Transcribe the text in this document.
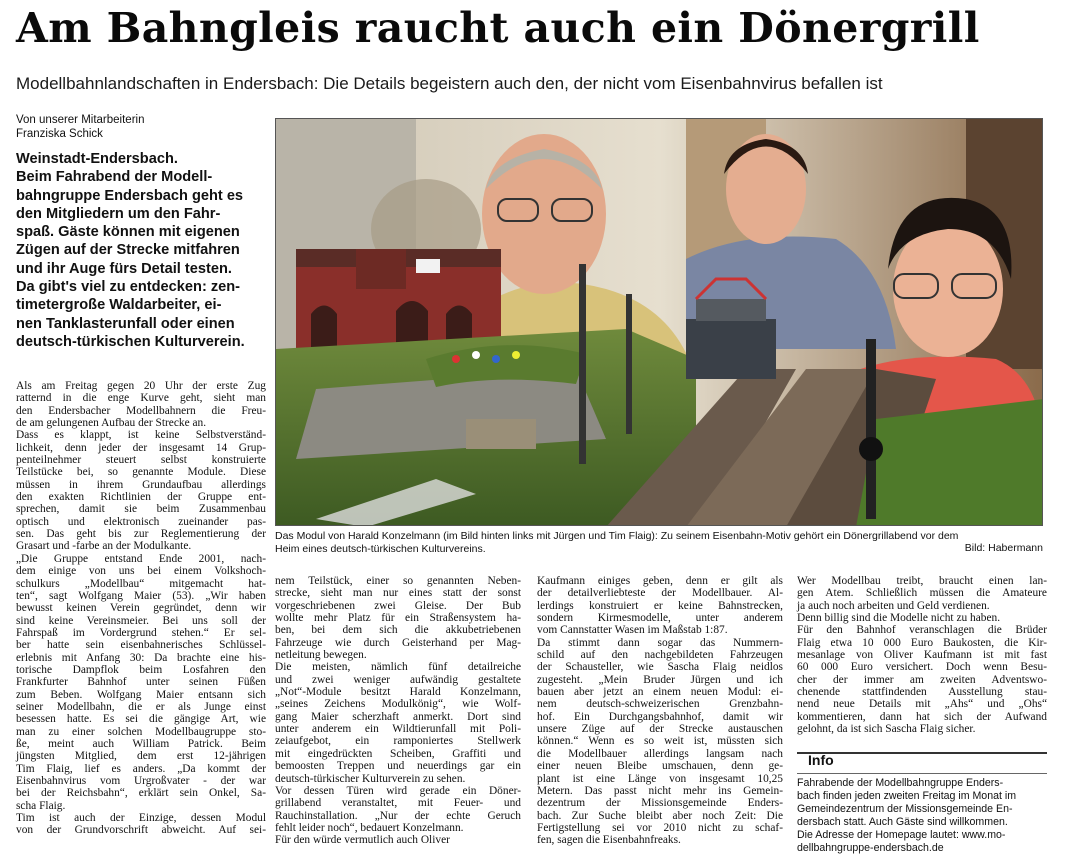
Am Bahngleis raucht auch ein Dönergrill
Modellbahnlandschaften in Endersbach: Die Details begeistern auch den, der nicht vom Eisenbahnvirus befallen ist
Von unserer Mitarbeiterin
Franziska Schick
Weinstadt-Endersbach.
Beim Fahrabend der Modell-
bahngruppe Endersbach geht es
den Mitgliedern um den Fahr-
spaß. Gäste können mit eigenen
Zügen auf der Strecke mitfahren
und ihr Auge fürs Detail testen.
Da gibt's viel zu entdecken: zen-
timetergroße Waldarbeiter, ei-
nen Tanklasterunfall oder einen
deutsch-türkischen Kulturverein.
Das Modul von Harald Konzelmann (im Bild hinten links mit Jürgen und Tim Flaig): Zu seinem Eisenbahn-Motiv gehört ein Dönergrillabend vor dem
Heim eines deutsch-türkischen Kulturvereins.	Bild: Habermann
Als am Freitag gegen 20 Uhr der erste Zug
ratternd in die enge Kurve geht, sieht man
den Endersbacher Modellbahnern die Freu-
de am gelungenen Aufbau der Strecke an.
Dass es klappt, ist keine Selbstverständ-
lichkeit, denn jeder der insgesamt 14 Grup-
penteilnehmer steuert selbst konstruierte
Teilstücke bei, so genannte Module. Diese
müssen in ihrem Grundaufbau allerdings
den exakten Richtlinien der Gruppe ent-
sprechen, damit sie beim Zusammenbau
optisch und elektronisch zueinander pas-
sen. Das geht bis zur Reglementierung der
Grasart und -farbe an der Modulkante.
„Die Gruppe entstand Ende 2001, nach-
dem einige von uns bei einem Volkshoch-
schulkurs „Modellbau“ mitgemacht hat-
ten“, sagt Wolfgang Maier (53). „Wir haben
bewusst keinen Verein gegründet, denn wir
sind keine Vereinsmeier. Bei uns soll der
Fahrspaß im Vordergrund stehen.“ Er sel-
ber hatte sein eisenbahnerisches Schlüssel-
erlebnis mit Anfang 30: Da brachte eine his-
torische Dampflok beim Losfahren den
Frankfurter Bahnhof unter seinen Füßen
zum Beben. Wolfgang Maier entsann sich
seiner Modellbahn, die er als Junge einst
besessen hatte. Es sei die gängige Art, wie
man zu einer solchen Modellbaugruppe sto-
ße, meint auch William Patrick. Beim
jüngsten Mitglied, dem erst 12-jährigen
Tim Flaig, lief es anders. „Da kommt der
Eisenbahnvirus vom Urgroßvater - der war
bei der Reichsbahn“, erklärt sein Onkel, Sa-
scha Flaig.
Tim ist auch der Einzige, dessen Modul
von der Grundvorschrift abweicht. Auf sei-
nem Teilstück, einer so genannten Neben-
strecke, sieht man nur eines statt der sonst
vorgeschriebenen zwei Gleise. Der Bub
wollte mehr Platz für ein Straßensystem ha-
ben, bei dem sich die akkubetriebenen
Fahrzeuge wie durch Geisterhand per Mag-
netleitung bewegen.
Die meisten, nämlich fünf detailreiche
und zwei weniger aufwändig gestaltete
„Not“-Module besitzt Harald Konzelmann,
„seines Zeichens Modulkönig“, wie Wolf-
gang Maier scherzhaft anmerkt. Dort sind
unter anderem ein Wildtierunfall mit Poli-
zeiaufgebot, ein ramponiertes Stellwerk
mit eingedrückten Scheiben, Graffiti und
bemoosten Treppen und neuerdings gar ein
deutsch-türkischer Kulturverein zu sehen.
Vor dessen Türen wird gerade ein Döner-
grillabend veranstaltet, mit Feuer- und
Rauchinstallation. „Nur der echte Geruch
fehlt leider noch“, bedauert Konzelmann.
Für den würde vermutlich auch Oliver
Kaufmann einiges geben, denn er gilt als
der detailverliebteste der Modellbauer. Al-
lerdings konstruiert er keine Bahnstrecken,
sondern Kirmesmodelle, unter anderem
vom Cannstatter Wasen im Maßstab 1:87.
Da stimmt dann sogar das Nummern-
schild auf den nachgebildeten Fahrzeugen
der Schausteller, wie Sascha Flaig neidlos
zugesteht. „Mein Bruder Jürgen und ich
bauen aber jetzt an einem neuen Modul: ei-
nem deutsch-schweizerischen Grenzbahn-
hof. Ein Durchgangsbahnhof, damit wir
unsere Züge auf der Strecke austauschen
können.“ Wenn es so weit ist, müssten sich
die Modellbauer allerdings langsam nach
einer neuen Bleibe umschauen, denn ge-
plant ist eine Länge von insgesamt 10,25
Metern. Das passt nicht mehr ins Gemein-
dezentrum der Missionsgemeinde Enders-
bach. Zur Suche bleibt aber noch Zeit: Die
Fertigstellung sei vor 2010 nicht zu schaf-
fen, sagen die Eisenbahnfreaks.
Wer Modellbau treibt, braucht einen lan-
gen Atem. Schließlich müssen die Amateure
ja auch noch arbeiten und Geld verdienen.
Denn billig sind die Modelle nicht zu haben.
Für den Bahnhof veranschlagen die Brüder
Flaig etwa 10 000 Euro Baukosten, die Kir-
mesanlage von Oliver Kaufmann ist mit fast
60 000 Euro versichert. Doch wenn Besu-
cher der immer am zweiten Adventswo-
chenende stattfindenden Ausstellung stau-
nend neue Details mit „Ahs“ und „Ohs“
kommentieren, dann hat sich der Aufwand
gelohnt, da ist sich Sascha Flaig sicher.
Info
Fahrabende der Modellbahngruppe Enders-
bach finden jeden zweiten Freitag im Monat im
Gemeindezentrum der Missionsgemeinde En-
dersbach statt. Auch Gäste sind willkommen.
Die Adresse der Homepage lautet: www.mo-
dellbahngruppe-endersbach.de
